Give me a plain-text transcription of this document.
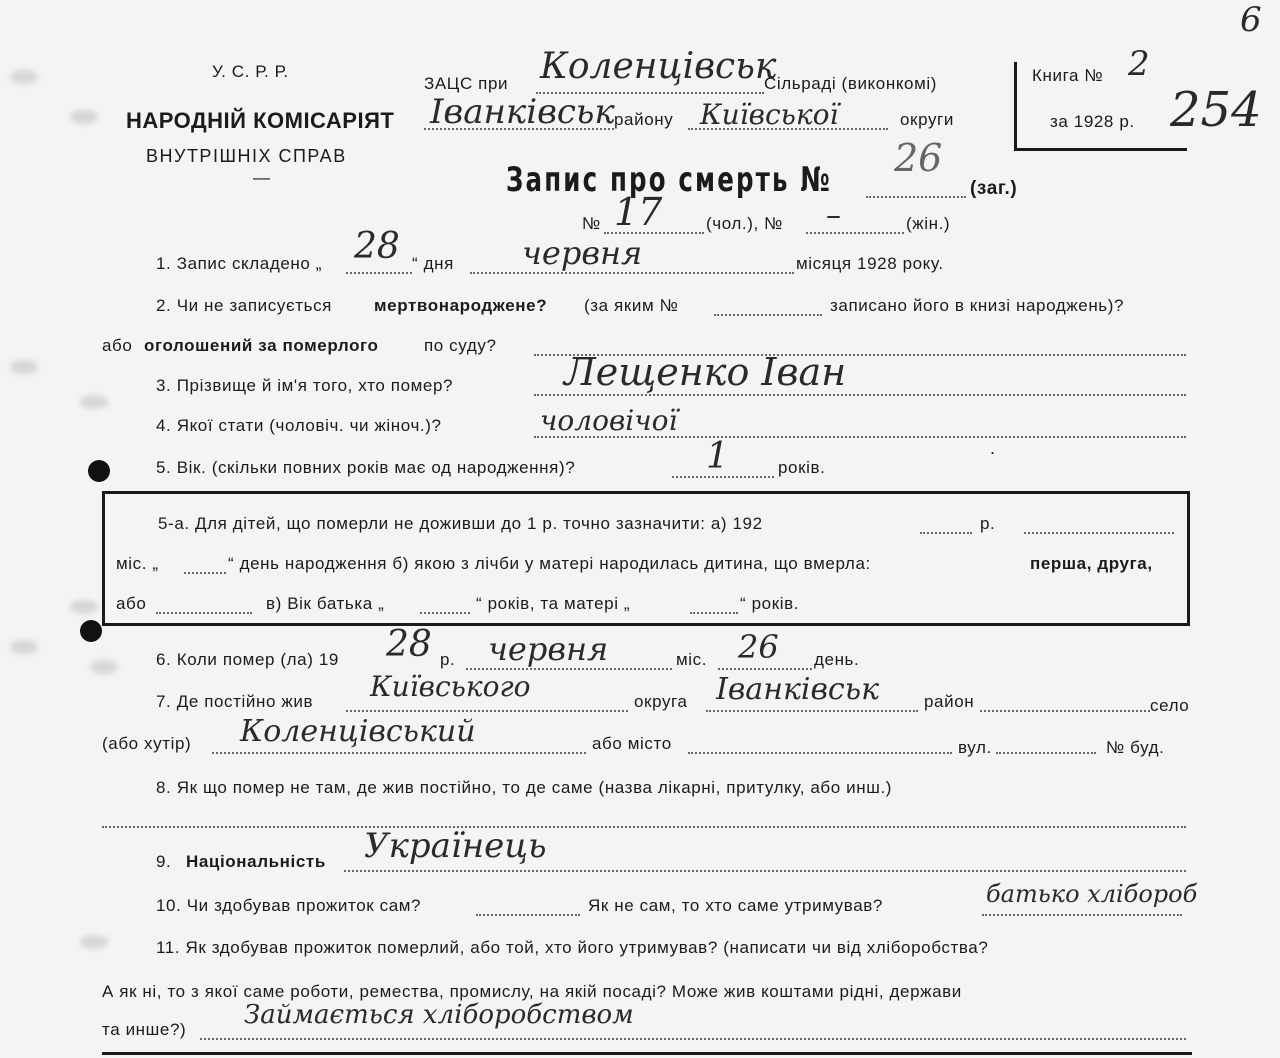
У. С. Р. Р.
НАРОДНІЙ КОМІСАРІЯТ
ВНУТРІШНІХ СПРАВ
—
ЗАЦС при Коленцівськ
Сільраді (виконкомі)
Іванківськ району Київської	округи
Книга № 2
за 1928 р. 254
6
Запис про смерть № 26
(заг.)
№ 17	(чол.), № –	(жін.)
1. Запис складено „ 28 “ дня червня	місяця 1928 року.
2. Чи не записується мертвонароджене? (за яким №	записано його в книзі народжень)?
або оголошений за померлого	по суду?
3. Прізвище й ім'я того, хто помер?	Лещенко Іван
4. Якої стати (чоловіч. чи жіноч.)?	чоловічої
5. Вік. (скільки повних років має од народження)?	1	років.
.
5-а. Для дітей, що померли не доживши до 1 р. точно зазначити: а) 192	р.
міс. „	“ день народження б) якою з лічби у матері народилась дитина, що вмерла:	перша, друга,
або	в) Вік батька „	“ років, та матері „	“ років.
6. Коли помер (ла) 19 28 р. червня	міс. 26 день.
7. Де постійно жив Київського	округа Іванківськ	район	село
(або хутір) Коленцівський	або місто	вул.	№ буд.
8. Як що помер не там, де жив постійно, то де саме (назва лікарні, притулку, або инш.)
9. Національність Українець
10. Чи здобував прожиток сам?	Як не сам, то хто саме утримував?	батько хлібороб
11. Як здобував прожиток померлий, або той, хто його утримував? (написати чи від хліборобства?
А як ні, то з якої саме роботи, ремества, промислу, на якій посаді? Може жив коштами рідні, держави
та инше?) Займається хліборобством
